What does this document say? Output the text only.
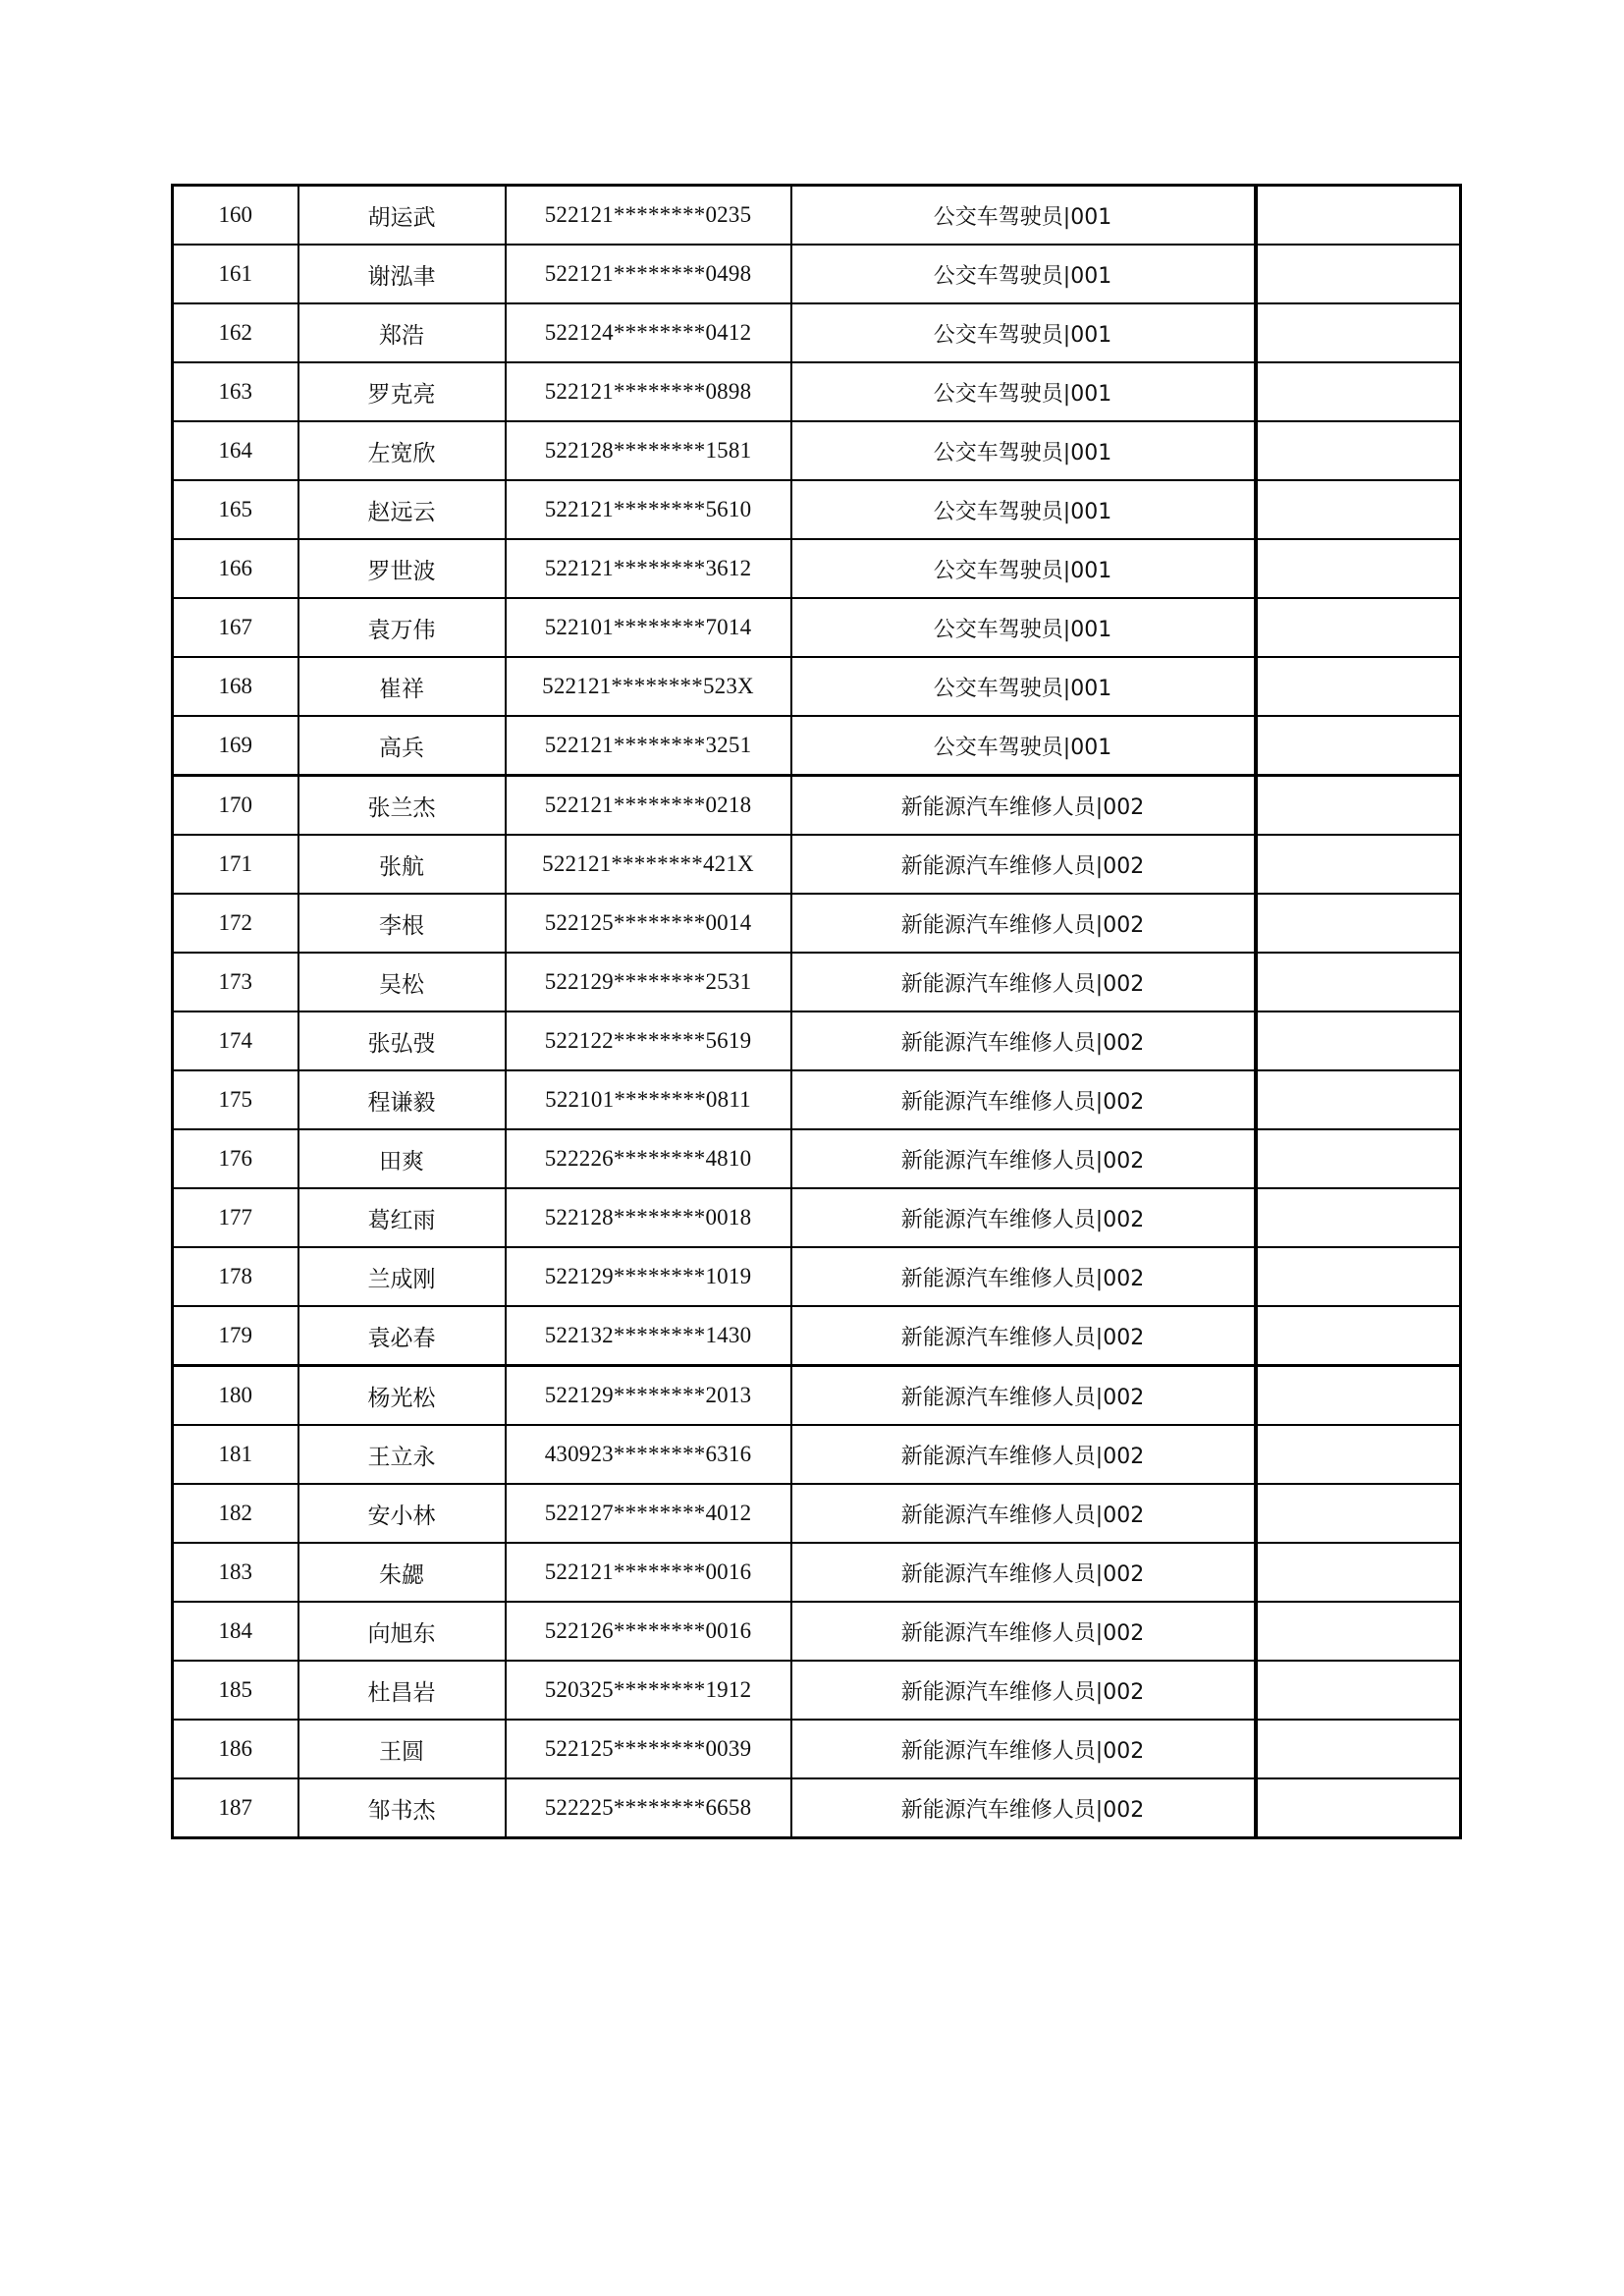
160	胡运武	522121********0235	公交车驾驶员|001	
161	谢泓聿	522121********0498	公交车驾驶员|001	
162	郑浩	522124********0412	公交车驾驶员|001	
163	罗克亮	522121********0898	公交车驾驶员|001	
164	左宽欣	522128********1581	公交车驾驶员|001	
165	赵远云	522121********5610	公交车驾驶员|001	
166	罗世波	522121********3612	公交车驾驶员|001	
167	袁万伟	522101********7014	公交车驾驶员|001	
168	崔祥	522121********523X	公交车驾驶员|001	
169	高兵	522121********3251	公交车驾驶员|001	
170	张兰杰	522121********0218	新能源汽车维修人员|002	
171	张航	522121********421X	新能源汽车维修人员|002	
172	李根	522125********0014	新能源汽车维修人员|002	
173	吴松	522129********2531	新能源汽车维修人员|002	
174	张弘弢	522122********5619	新能源汽车维修人员|002	
175	程谦毅	522101********0811	新能源汽车维修人员|002	
176	田爽	522226********4810	新能源汽车维修人员|002	
177	葛红雨	522128********0018	新能源汽车维修人员|002	
178	兰成刚	522129********1019	新能源汽车维修人员|002	
179	袁必春	522132********1430	新能源汽车维修人员|002	
180	杨光松	522129********2013	新能源汽车维修人员|002	
181	王立永	430923********6316	新能源汽车维修人员|002	
182	安小林	522127********4012	新能源汽车维修人员|002	
183	朱勰	522121********0016	新能源汽车维修人员|002	
184	向旭东	522126********0016	新能源汽车维修人员|002	
185	杜昌岩	520325********1912	新能源汽车维修人员|002	
186	王圆	522125********0039	新能源汽车维修人员|002	
187	邹书杰	522225********6658	新能源汽车维修人员|002	
